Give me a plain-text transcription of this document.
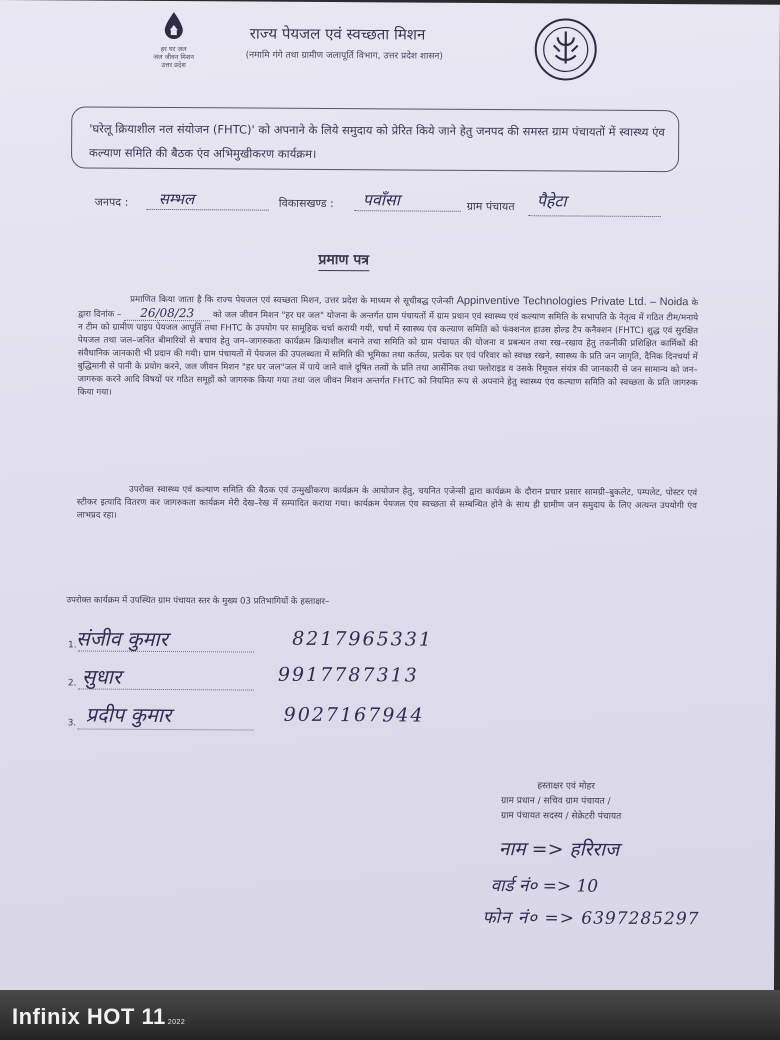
हर घर जल
जल जीवन मिशन
उत्तर प्रदेश
राज्य पेयजल एवं स्वच्छता मिशन
(नमामि गंगे तथा ग्रामीण जलापूर्ति विभाग, उत्तर प्रदेश शासन)
'घरेलू क्रियाशील नल संयोजन (FHTC)' को अपनाने के लिये समुदाय को प्रेरित किये जाने हेतु जनपद की समस्त ग्राम पंचायतों में स्वास्थ्य एंव कल्याण समिति की बैठक एंव अभिमुखीकरण कार्यक्रम।
जनपद : सम्भल	विकासखण्ड : पवाँसा	ग्राम पंचायत पैहेटा
प्रमाण पत्र
प्रमाणित किया जाता है कि राज्य पेयजल एवं स्वच्छता मिशन, उत्तर प्रदेश के माध्यम से सूचीबद्ध एजेन्सी Appinventive Technologies Private Ltd. – Noida के द्वारा दिनांक – 26/08/23 को जल जीवन मिशन "हर घर जल" योजना के अन्तर्गत ग्राम पंचायतों में ग्राम प्रधान एवं स्वास्थ्य एवं कल्याण समिति के सभापति के नेतृत्व में गठित टीम/मनाये न टीम को ग्रामीण पाइप पेयजल आपूर्ति तथा FHTC के उपयोग पर सामूहिक चर्चा करायी गयी, चर्चा में स्वास्थ्य एंव कल्याण समिति को फंक्शनल हाउस होल्ड टैप कनैक्शन (FHTC) शुद्ध एवं सुरक्षित पेयजल तथा जल–जनित बीमारियों से बचाव हेतु जन–जागरुकता कार्यक्रम क्रियाशील बनाने तथा समिति को ग्राम पंचायत की योजना व प्रबन्धन तथा रख–रखाव हेतु तकनीकी प्रशिक्षित कार्मिकों की संवैधानिक जानकारी भी प्रदान की गयी। ग्राम पंचायतों में पेयजल की उपलब्धता में समिति की भूमिका तथा कर्तव्य, प्रत्येक घर एवं परिवार को स्वच्छ रखने, स्वास्थ्य के प्रति जन जागृति, दैनिक दिनचर्या में बुद्धिमानी से पानी के प्रयोग करने, जल जीवन मिशन "हर घर जल"जल में पाये जाने वाले दूषित तत्वों के प्रति तथा आर्सेनिक तथा फ्लोराइड व उसके रिमूवल संयंत्र की जानकारी से जन सामान्य को जन–जागरुक करने आदि विषयों पर गठित समूहों को जागरुक किया गया तथा जल जीवन मिशन अन्तर्गत FHTC को नियमित रूप से अपनाने हेतु स्वास्थ्य एंव कल्याण समिति को स्वच्छता के प्रति जागरुक किया गया।
उपरोक्त स्वास्थ्य एवं कल्याण समिति की बैठक एवं उन्मुखीकरण कार्यक्रम के आयोजन हेतु, चयनित एजेन्सी द्वारा कार्यक्रम के दौरान प्रचार प्रसार सामग्री–बुकलेट, पम्पलेट, पोस्टर एवं स्टीकर इत्यादि वितरण कर जागरुकता कार्यक्रम मेरी देख–रेख में सम्पादित कराया गया। कार्यक्रम पेयजल एंव स्वच्छता से सम्बन्धित होने के साथ ही ग्रामीण जन समुदाय के लिए अत्यन्त उपयोगी एंव लाभप्रद रहा।
उपरोक्त कार्यक्रम में उपस्थित ग्राम पंचायत स्तर के मुख्य 03 प्रतिभागियों के हस्ताक्षर–
1. संजीव कुमार	8217965331
2. सुधार	9917787313
3. प्रदीप कुमार	9027167944
हस्ताक्षर एवं मोहर
ग्राम प्रधान / सचिव ग्राम पंचायत /
ग्राम पंचायत सदस्य / सेक्रेटरी पंचायत
नाम => हरिराज
वार्ड नं० => 10
फोन नं० => 6397285297
Infinix HOT 11 2022
